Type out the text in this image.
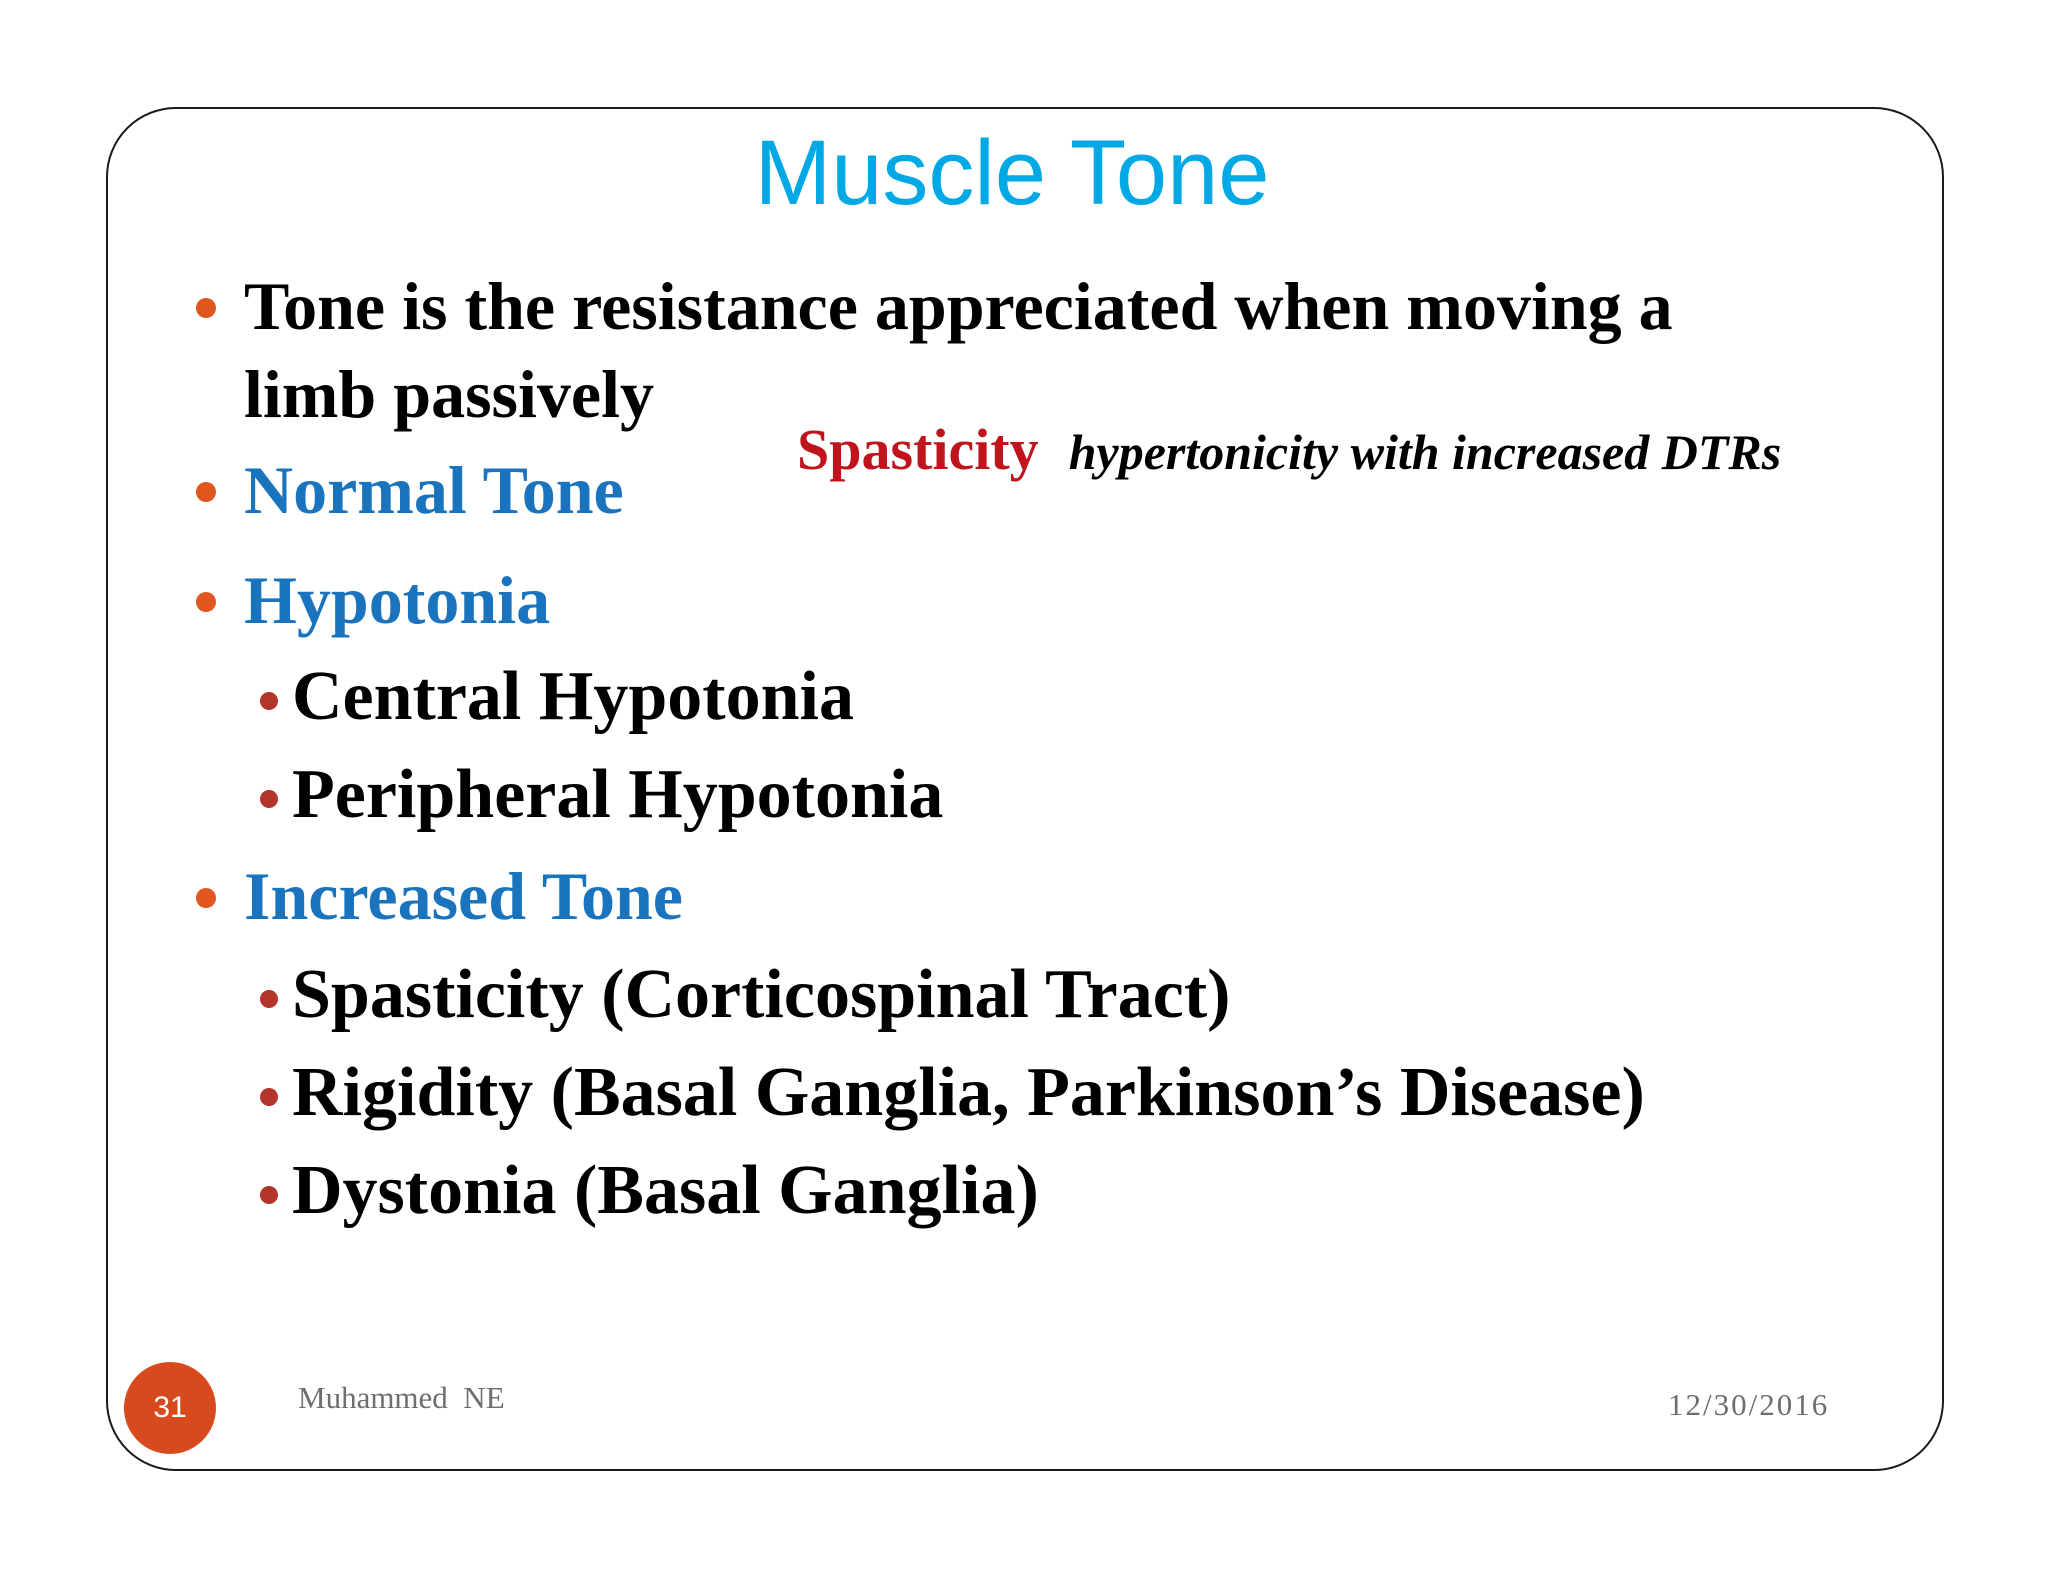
Muscle Tone
Tone is the resistance appreciated when moving a limb passively
Normal Tone
Spasticity hypertonicity with increased DTRs
Hypotonia
Central Hypotonia
Peripheral Hypotonia
Increased Tone
Spasticity (Corticospinal Tract)
Rigidity (Basal Ganglia, Parkinson’s Disease)
Dystonia (Basal Ganglia)
31	Muhammed  NE	12/30/2016
